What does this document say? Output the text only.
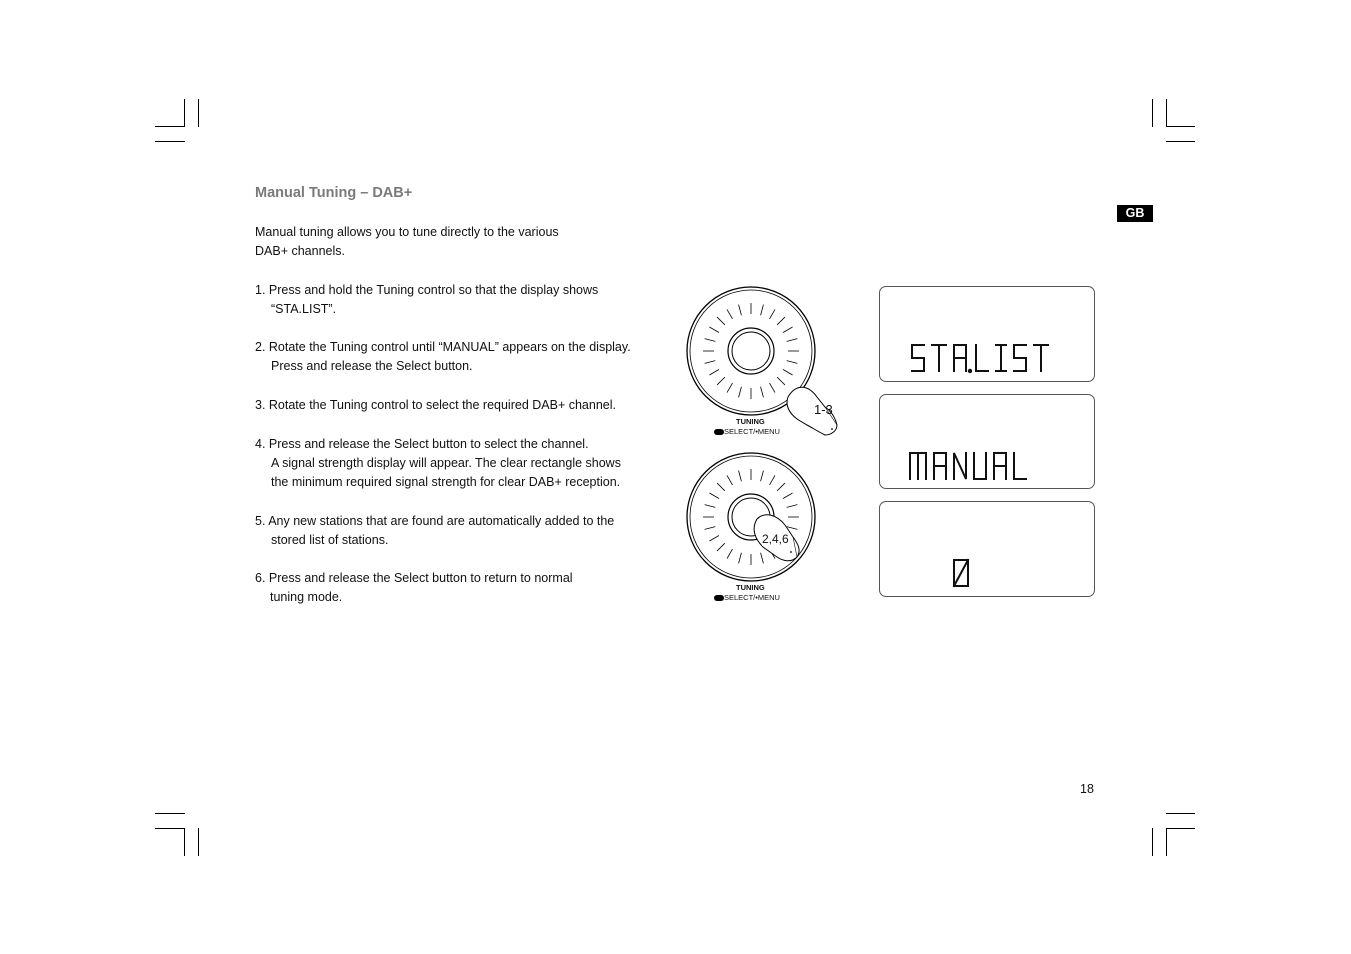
Manual Tuning – DAB+
Manual tuning allows you to tune directly to the various
DAB+ channels.
1. Press and hold the Tuning control so that the display shows
“STA.LIST”.
2. Rotate the Tuning control until “MANUAL” appears on the display.
Press and release the Select button.
3. Rotate the Tuning control to select the required DAB+ channel.
4. Press and release the Select button to select the channel.
A signal strength display will appear. The clear rectangle shows
the minimum required signal strength for clear DAB+ reception.
5. Any new stations that are found are automatically added to the
stored list of stations.
6. Press and release the Select button to return to normal
tuning mode.
GB
18
1-3
TUNING
SELECT/•MENU
2,4,6
TUNING
SELECT/•MENU
